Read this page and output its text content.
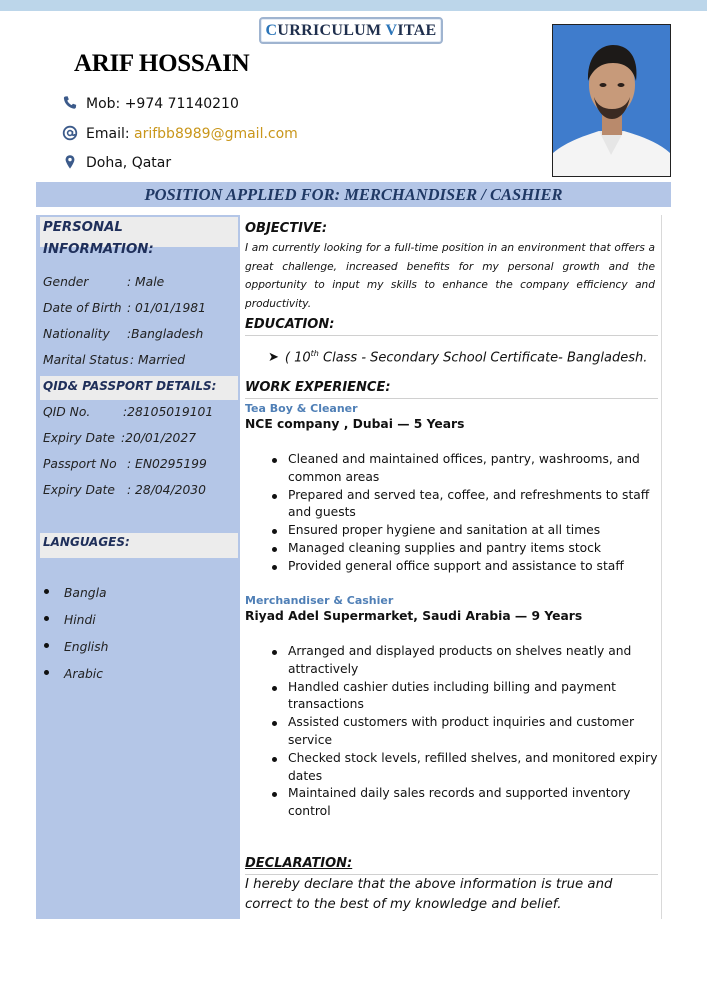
CURRICULUM VITAE
ARIF HOSSAIN
Mob: +974 71140210
Email: arifbb8989@gmail.com
Doha, Qatar
POSITION APPLIED FOR: MERCHANDISER / CASHIER
PERSONAL INFORMATION:
Gender	: Male
Date of Birth : 01/01/1981
Nationality :Bangladesh
Marital Status : Married
QID& PASSPORT DETAILS:
QID No.	:28105019101
Expiry Date :20/01/2027
Passport No : EN0295199
Expiry Date : 28/04/2030
LANGUAGES:
Bangla
Hindi
English
Arabic
OBJECTIVE:
I am currently looking for a full-time position in an environment that offers a great challenge, increased benefits for my personal growth and the opportunity to input my skills to enhance the company efficiency and productivity.
EDUCATION:
➤ ( 10th Class - Secondary School Certificate- Bangladesh.
WORK EXPERIENCE:
Tea Boy & Cleaner
NCE company , Dubai — 5 Years
Cleaned and maintained offices, pantry, washrooms, and common areas
Prepared and served tea, coffee, and refreshments to staff and guests
Ensured proper hygiene and sanitation at all times
Managed cleaning supplies and pantry items stock
Provided general office support and assistance to staff
Merchandiser & Cashier
Riyad Adel Supermarket, Saudi Arabia — 9 Years
Arranged and displayed products on shelves neatly and attractively
Handled cashier duties including billing and payment transactions
Assisted customers with product inquiries and customer service
Checked stock levels, refilled shelves, and monitored expiry dates
Maintained daily sales records and supported inventory control
DECLARATION:
I hereby declare that the above information is true and correct to the best of my knowledge and belief.
